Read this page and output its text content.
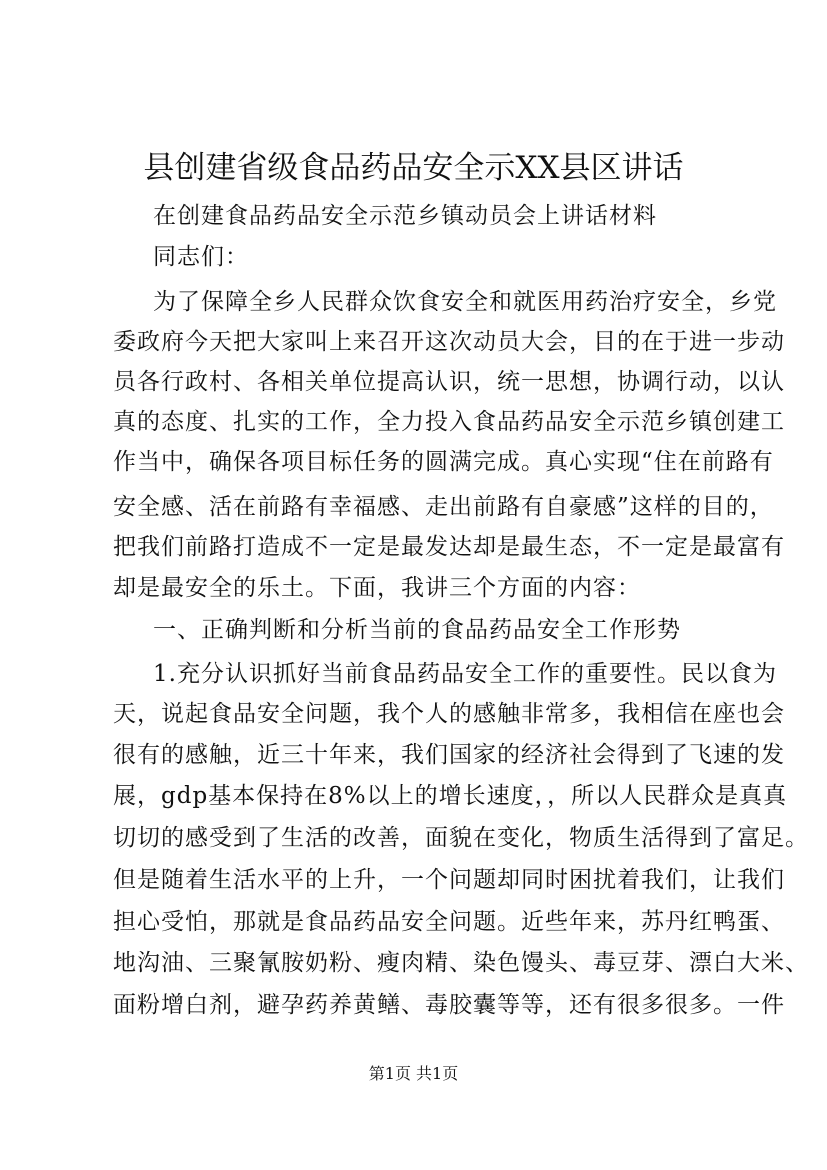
县创建省级食品药品安全示XX县区讲话
在创建食品药品安全示范乡镇动员会上讲话材料
同志们：
为了保障全乡人民群众饮食安全和就医用药治疗安全，乡党
委政府今天把大家叫上来召开这次动员大会，目的在于进一步动
员各行政村、各相关单位提高认识，统一思想，协调行动，以认
真的态度、扎实的工作，全力投入食品药品安全示范乡镇创建工
作当中，确保各项目标任务的圆满完成。真心实现“住在前路有
安全感、活在前路有幸福感、走出前路有自豪感”这样的目的，
把我们前路打造成不一定是最发达却是最生态，不一定是最富有
却是最安全的乐土。下面，我讲三个方面的内容：
一、正确判断和分析当前的食品药品安全工作形势
1.充分认识抓好当前食品药品安全工作的重要性。民以食为
天，说起食品安全问题，我个人的感触非常多，我相信在座也会
很有的感触，近三十年来，我们国家的经济社会得到了飞速的发
展，gdp基本保持在8%以上的增长速度，，所以人民群众是真真
切切的感受到了生活的改善，面貌在变化，物质生活得到了富足。
但是随着生活水平的上升，一个问题却同时困扰着我们，让我们
担心受怕，那就是食品药品安全问题。近些年来，苏丹红鸭蛋、
地沟油、三聚氰胺奶粉、瘦肉精、染色馒头、毒豆芽、漂白大米、
面粉增白剂，避孕药养黄鳝、毒胶囊等等，还有很多很多。一件
第1页 共1页
